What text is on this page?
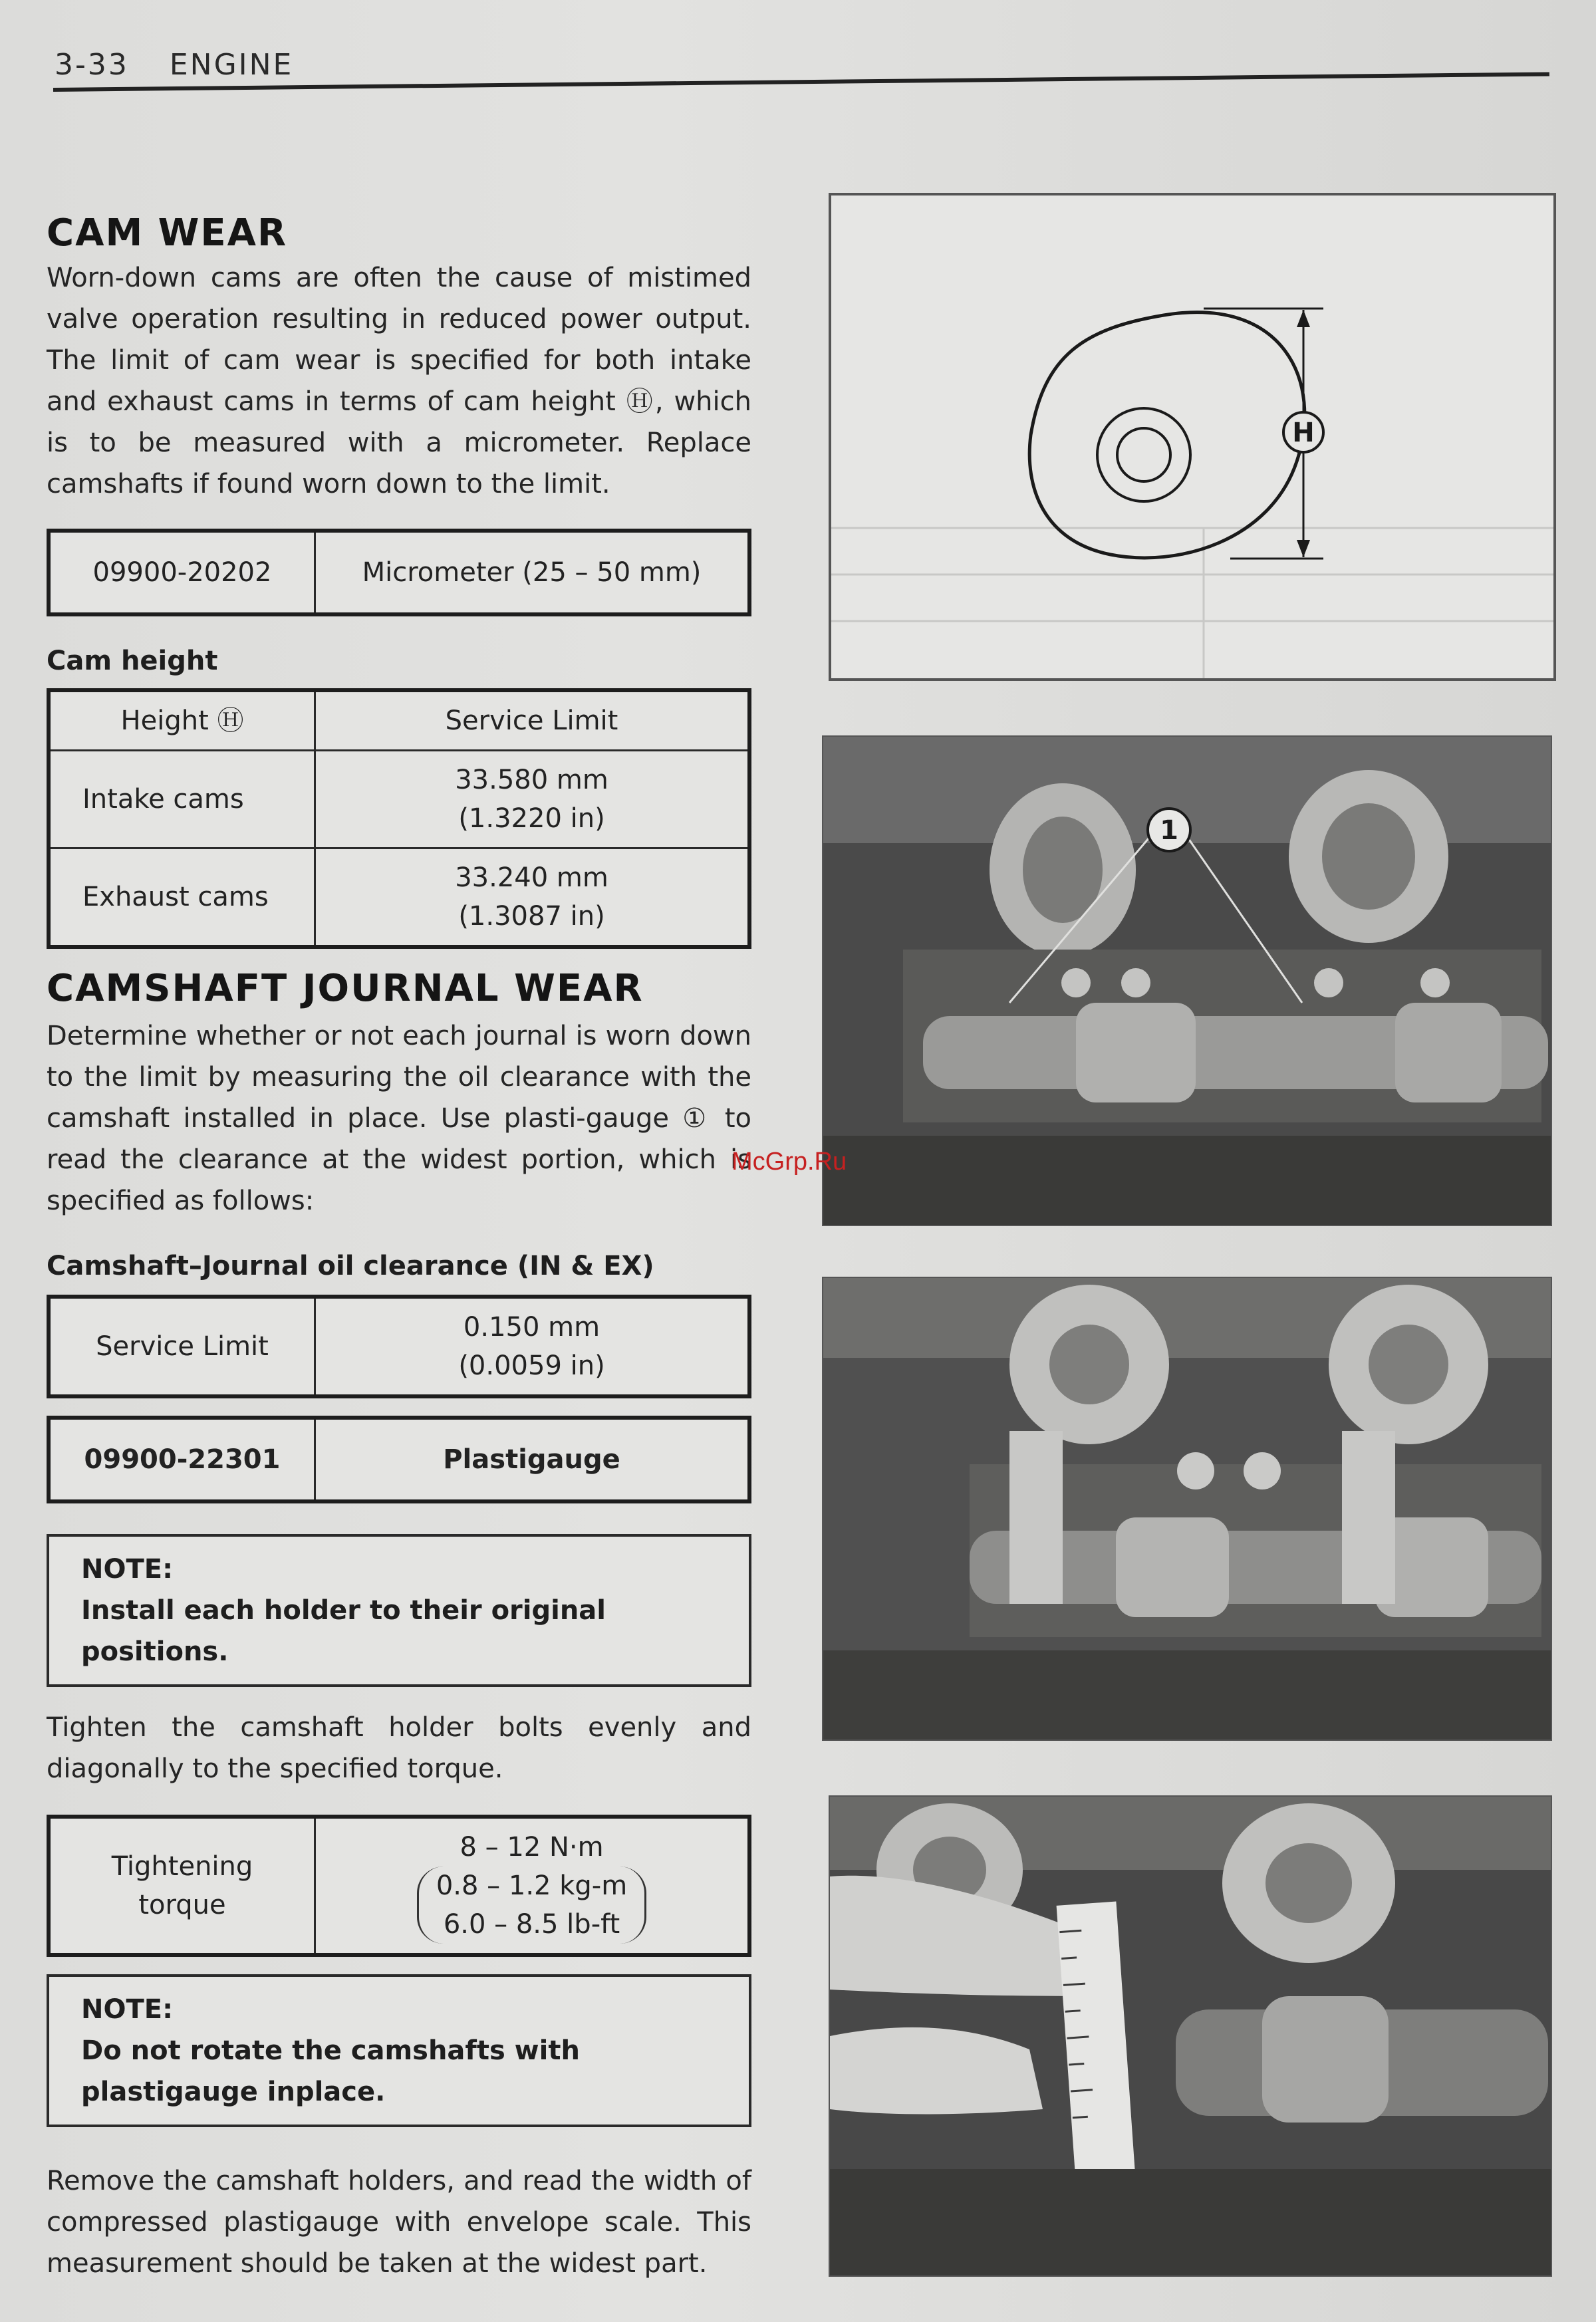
3-33 ENGINE
CAM WEAR

Worn-down cams are often the cause of mistimed valve operation resulting in reduced power output. The limit of cam wear is specified for both intake and exhaust cams in terms of cam height Ⓗ, which is to be measured with a micrometer. Replace camshafts if found worn down to the limit.

09900-20202	Micrometer (25 – 50 mm)
Cam height
Height Ⓗ	Service Limit
Intake cams	33.580 mm
(1.3220 in)

Exhaust cams	33.240 mm
(1.3087 in)
CAMSHAFT JOURNAL WEAR

Determine whether or not each journal is worn down to the limit by measuring the oil clearance with the camshaft installed in place. Use plasti-gauge ① to read the clearance at the widest portion, which is specified as follows:

Camshaft–Journal oil clearance (IN & EX)
Service Limit	
0.150 mm
(0.0059 in)
09900-22301	Plastigauge
NOTE:
Install each holder to their original positions.

Tighten the camshaft holder bolts evenly and diagonally to the specified torque.

Tightening torque	
8 – 12 N·m
0.8 – 1.2 kg-m
6.0 – 8.5 lb-ft
NOTE:
Do not rotate the camshafts with plastigauge inplace.

Remove the camshaft holders, and read the width of compressed plastigauge with envelope scale. This measurement should be taken at the widest part.

H
1
McGrp.Ru
